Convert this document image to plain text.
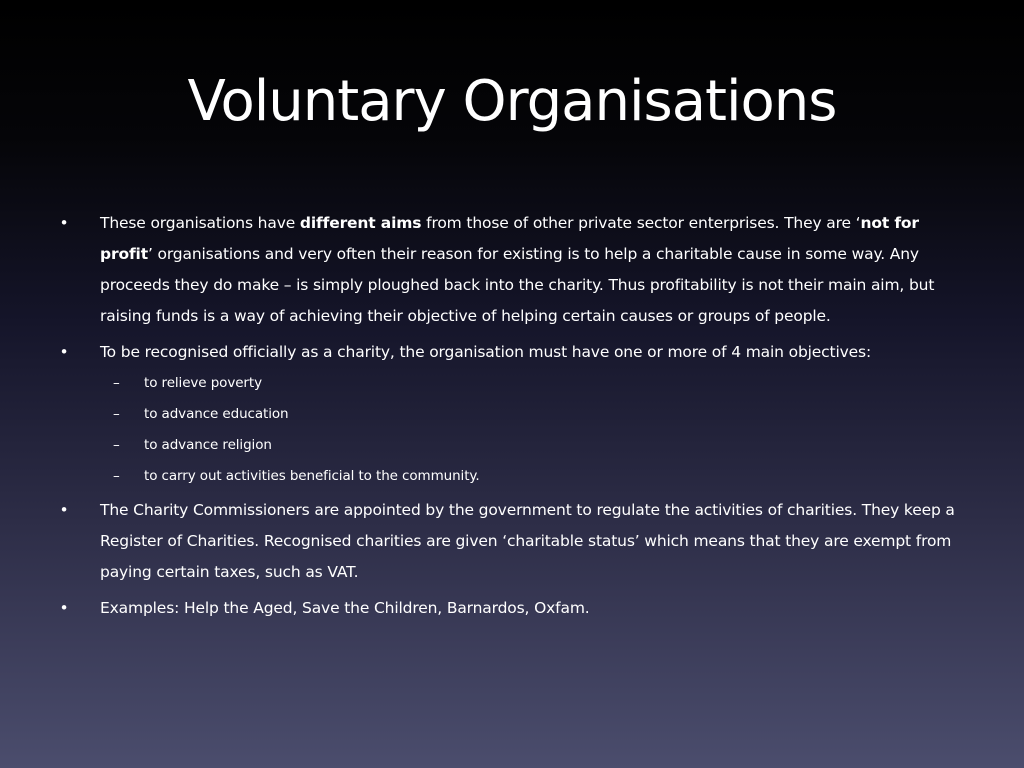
Voluntary Organisations
• These organisations have different aims from those of other private sector enterprises. They are ‘not for profit’ organisations and very often their reason for existing is to help a charitable cause in some way. Any proceeds they do make – is simply ploughed back into the charity. Thus profitability is not their main aim, but raising funds is a way of achieving their objective of helping certain causes or groups of people.
• To be recognised officially as a charity, the organisation must have one or more of 4 main objectives:
– to relieve poverty
– to advance education
– to advance religion
– to carry out activities beneficial to the community.
• The Charity Commissioners are appointed by the government to regulate the activities of charities. They keep a Register of Charities. Recognised charities are given ‘charitable status’ which means that they are exempt from paying certain taxes, such as VAT.
• Examples: Help the Aged, Save the Children, Barnardos, Oxfam.
